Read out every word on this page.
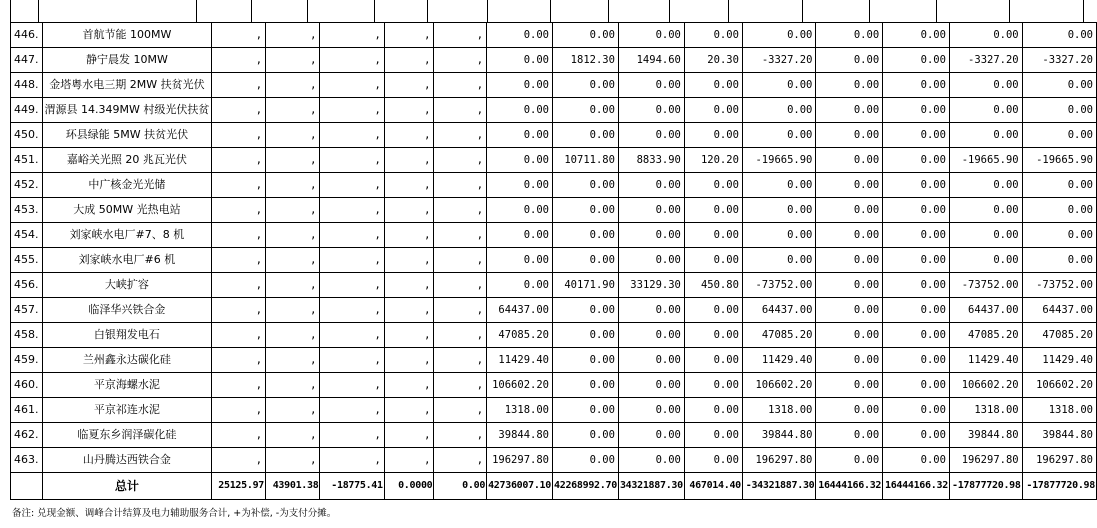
446.	首航节能 100MW	,	,	,	,	,	0.00	0.00	0.00	0.00	0.00	0.00	0.00	0.00	0.00
447.	静宁晨发 10MW	,	,	,	,	,	0.00	1812.30	1494.60	20.30	-3327.20	0.00	0.00	-3327.20	-3327.20
448.	金塔粤水电三期 2MW 扶贫光伏	,	,	,	,	,	0.00	0.00	0.00	0.00	0.00	0.00	0.00	0.00	0.00
449.	渭源县 14.349MW 村级光伏扶贫	,	,	,	,	,	0.00	0.00	0.00	0.00	0.00	0.00	0.00	0.00	0.00
450.	环县绿能 5MW 扶贫光伏	,	,	,	,	,	0.00	0.00	0.00	0.00	0.00	0.00	0.00	0.00	0.00
451.	嘉峪关光照 20 兆瓦光伏	,	,	,	,	,	0.00	10711.80	8833.90	120.20	-19665.90	0.00	0.00	-19665.90	-19665.90
452.	中广核金光光储	,	,	,	,	,	0.00	0.00	0.00	0.00	0.00	0.00	0.00	0.00	0.00
453.	大成 50MW 光热电站	,	,	,	,	,	0.00	0.00	0.00	0.00	0.00	0.00	0.00	0.00	0.00
454.	刘家峡水电厂#7、8 机	,	,	,	,	,	0.00	0.00	0.00	0.00	0.00	0.00	0.00	0.00	0.00
455.	刘家峡水电厂#6 机	,	,	,	,	,	0.00	0.00	0.00	0.00	0.00	0.00	0.00	0.00	0.00
456.	大峡扩容	,	,	,	,	,	0.00	40171.90	33129.30	450.80	-73752.00	0.00	0.00	-73752.00	-73752.00
457.	临泽华兴铁合金	,	,	,	,	,	64437.00	0.00	0.00	0.00	64437.00	0.00	0.00	64437.00	64437.00
458.	白银翔发电石	,	,	,	,	,	47085.20	0.00	0.00	0.00	47085.20	0.00	0.00	47085.20	47085.20
459.	兰州鑫永达碳化硅	,	,	,	,	,	11429.40	0.00	0.00	0.00	11429.40	0.00	0.00	11429.40	11429.40
460.	平京海螺水泥	,	,	,	,	,	106602.20	0.00	0.00	0.00	106602.20	0.00	0.00	106602.20	106602.20
461.	平京祁连水泥	,	,	,	,	,	1318.00	0.00	0.00	0.00	1318.00	0.00	0.00	1318.00	1318.00
462.	临夏东乡润泽碳化硅	,	,	,	,	,	39844.80	0.00	0.00	0.00	39844.80	0.00	0.00	39844.80	39844.80
463.	山丹腾达西铁合金	,	,	,	,	,	196297.80	0.00	0.00	0.00	196297.80	0.00	0.00	196297.80	196297.80
	总计	25125.97	43901.38	-18775.41	0.0000	0.00	42736007.10	42268992.70	34321887.30	467014.40	-34321887.30	16444166.32	16444166.32	-17877720.98	-17877720.98
备注: 兑现金额、调峰合计结算及电力辅助服务合计, +为补偿, -为支付分摊。
